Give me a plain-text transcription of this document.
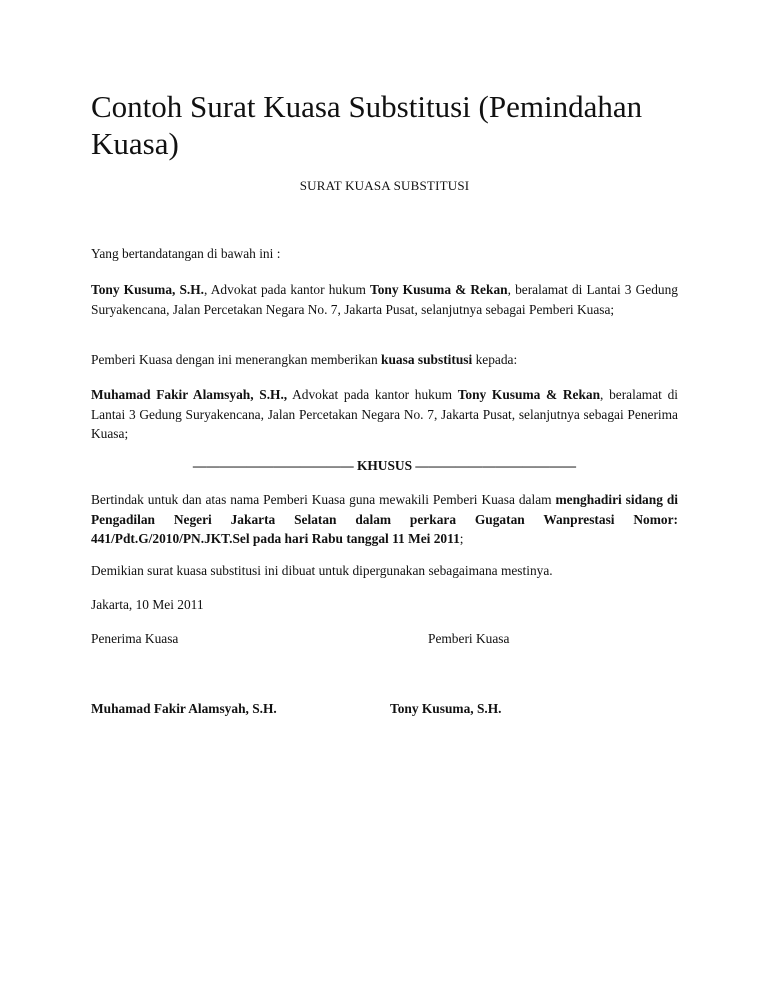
Contoh Surat Kuasa Substitusi (Pemindahan Kuasa)
SURAT KUASA SUBSTITUSI

Yang bertandatangan di bawah ini :

Tony Kusuma, S.H., Advokat pada kantor hukum Tony Kusuma & Rekan, beralamat di Lantai 3 Gedung Suryakencana, Jalan Percetakan Negara No. 7, Jakarta Pusat, selanjutnya sebagai Pemberi Kuasa;

Pemberi Kuasa dengan ini menerangkan memberikan kuasa substitusi kepada:

Muhamad Fakir Alamsyah, S.H., Advokat pada kantor hukum Tony Kusuma & Rekan, beralamat di Lantai 3 Gedung Suryakencana, Jalan Percetakan Negara No. 7, Jakarta Pusat, selanjutnya sebagai Penerima Kuasa;

———————————— KHUSUS ————————————

Bertindak untuk dan atas nama Pemberi Kuasa guna mewakili Pemberi Kuasa dalam menghadiri sidang di Pengadilan Negeri Jakarta Selatan dalam perkara Gugatan Wanprestasi Nomor: 441/Pdt.G/2010/PN.JKT.Sel pada hari Rabu tanggal 11 Mei 2011;

Demikian surat kuasa substitusi ini dibuat untuk dipergunakan sebagaimana mestinya.

Jakarta, 10 Mei 2011

Penerima Kuasa	Pemberi Kuasa
Muhamad Fakir Alamsyah, S.H.	Tony Kusuma, S.H.
